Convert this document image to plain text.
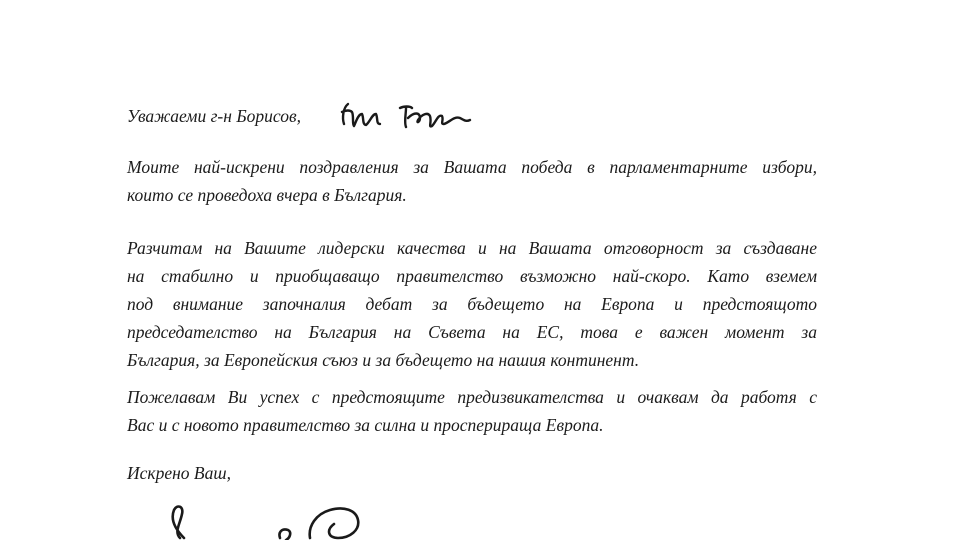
Уважаеми г-н Борисов,
Моите най-искрени поздравления за Вашата победа в парламентарните избори,
които се проведоха вчера в България.
Разчитам на Вашите лидерски качества и на Вашата отговорност за създаване
на стабилно и приобщаващо правителство възможно най-скоро. Като вземем
под внимание започналия дебат за бъдещето на Европа и предстоящото
председателство на България на Съвета на ЕС, това е важен момент за
България, за Европейския съюз и за бъдещето на нашия континент.
Пожелавам Ви успех с предстоящите предизвикателства и очаквам да работя с
Вас и с новото правителство за силна и просперираща Европа.
Искрено Ваш,
